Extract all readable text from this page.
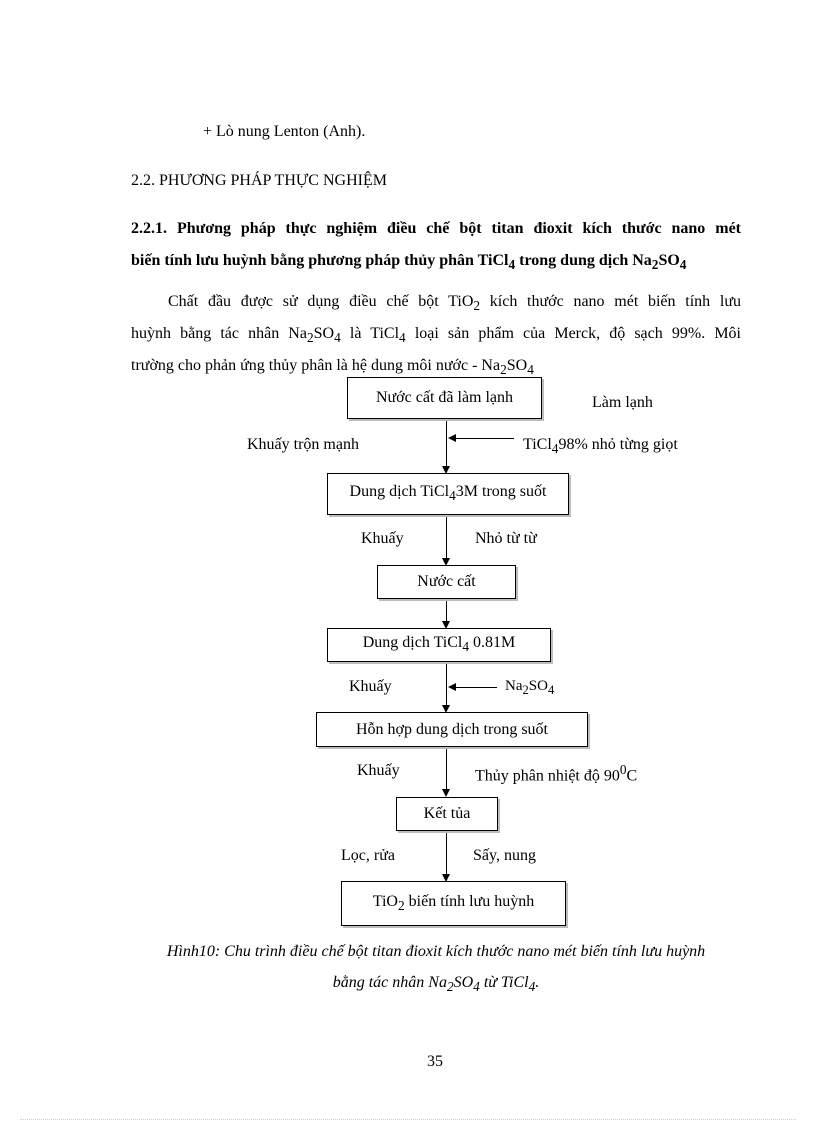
+ Lò nung Lenton (Anh).
2.2. PHƯƠNG PHÁP THỰC NGHIỆM
2.2.1. Phương pháp thực nghiệm điều chế bột titan đioxit kích thước nano mét
biến tính lưu huỳnh bằng phương pháp thủy phân TiCl$_4$ trong dung dịch $Na_2SO_4$
Chất đầu được sử dụng điều chế bột TiO$_2$ kích thước nano mét biến tính lưu
huỳnh bằng tác nhân $Na_2SO_4$ là TiCl$_4$ loại sản phẩm của Merck, độ sạch 99%. Môi
trường cho phản ứng thủy phân là hệ dung môi nước - $Na_2SO_4$
Nước cất đã làm lạnh
Dung dịch TiCl$_4$3M trong suốt
Nước cất
Dung dịch TiCl$_4$ 0.81M
Hỗn hợp dung dịch trong suốt
Kết tủa
TiO$_2$ biến tính lưu huỳnh
Làm lạnh
Khuấy trộn mạnh	TiCl$_4$98% nhỏ từng giọt
Khuấy	Nhỏ từ từ
Khuấy	$Na_2SO_4$
Khuấy	Thủy phân nhiệt độ $90^0C$
Lọc, rửa	Sấy, nung
Hình10: Chu trình điều chế bột titan đioxit kích thước nano mét biến tính lưu huỳnh
bằng tác nhân $Na_2SO_4$ từ TiCl$_4$.
35
